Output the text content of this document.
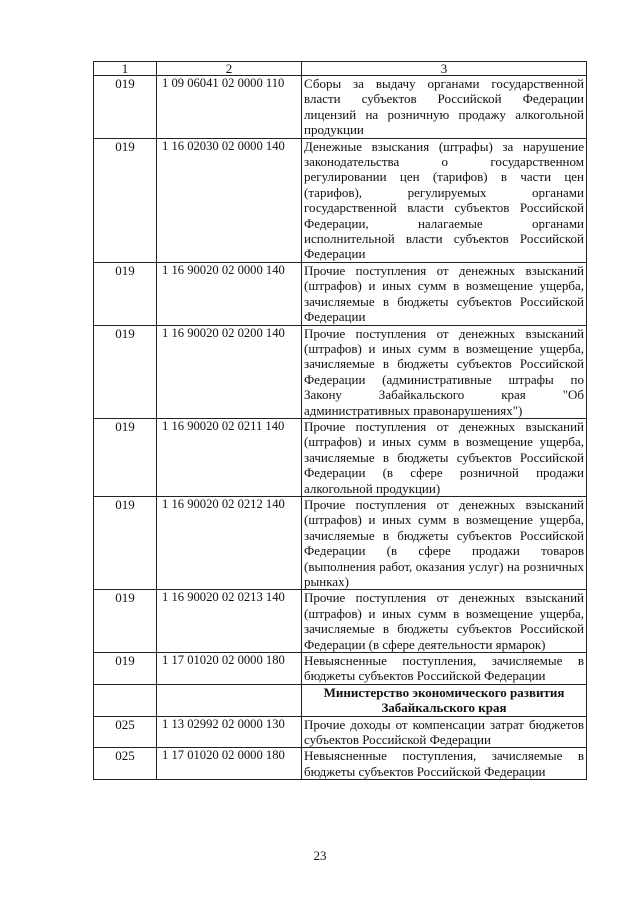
1	2	3
019	1 09 06041 02 0000 110	Сборы за выдачу органами государственной власти субъектов Российской Федерации лицензий на розничную продажу алкогольной продукции
019	1 16 02030 02 0000 140	Денежные взыскания (штрафы) за нарушение законодательства о государственном регулировании цен (тарифов) в части цен (тарифов), регулируемых органами государственной власти субъектов Российской Федерации, налагаемые органами исполнительной власти субъектов Российской Федерации
019	1 16 90020 02 0000 140	Прочие поступления от денежных взысканий (штрафов) и иных сумм в возмещение ущерба, зачисляемые в бюджеты субъектов Российской Федерации
019	1 16 90020 02 0200 140	Прочие поступления от денежных взысканий (штрафов) и иных сумм в возмещение ущерба, зачисляемые в бюджеты субъектов Российской Федерации (административные штрафы по Закону Забайкальского края "Об административных правонарушениях")
019	1 16 90020 02 0211 140	Прочие поступления от денежных взысканий (штрафов) и иных сумм в возмещение ущерба, зачисляемые в бюджеты субъектов Российской Федерации (в сфере розничной продажи алкогольной продукции)
019	1 16 90020 02 0212 140	Прочие поступления от денежных взысканий (штрафов) и иных сумм в возмещение ущерба, зачисляемые в бюджеты субъектов Российской Федерации (в сфере продажи товаров (выполнения работ, оказания услуг) на розничных рынках)
019	1 16 90020 02 0213 140	Прочие поступления от денежных взысканий (штрафов) и иных сумм в возмещение ущерба, зачисляемые в бюджеты субъектов Российской Федерации (в сфере деятельности ярмарок)
019	1 17 01020 02 0000 180	Невыясненные поступления, зачисляемые в бюджеты субъектов Российской Федерации
		Министерство экономического развития Забайкальского края
025	1 13 02992 02 0000 130	Прочие доходы от компенсации затрат бюджетов субъектов Российской Федерации
025	1 17 01020 02 0000 180	Невыясненные поступления, зачисляемые в бюджеты субъектов Российской Федерации
23
